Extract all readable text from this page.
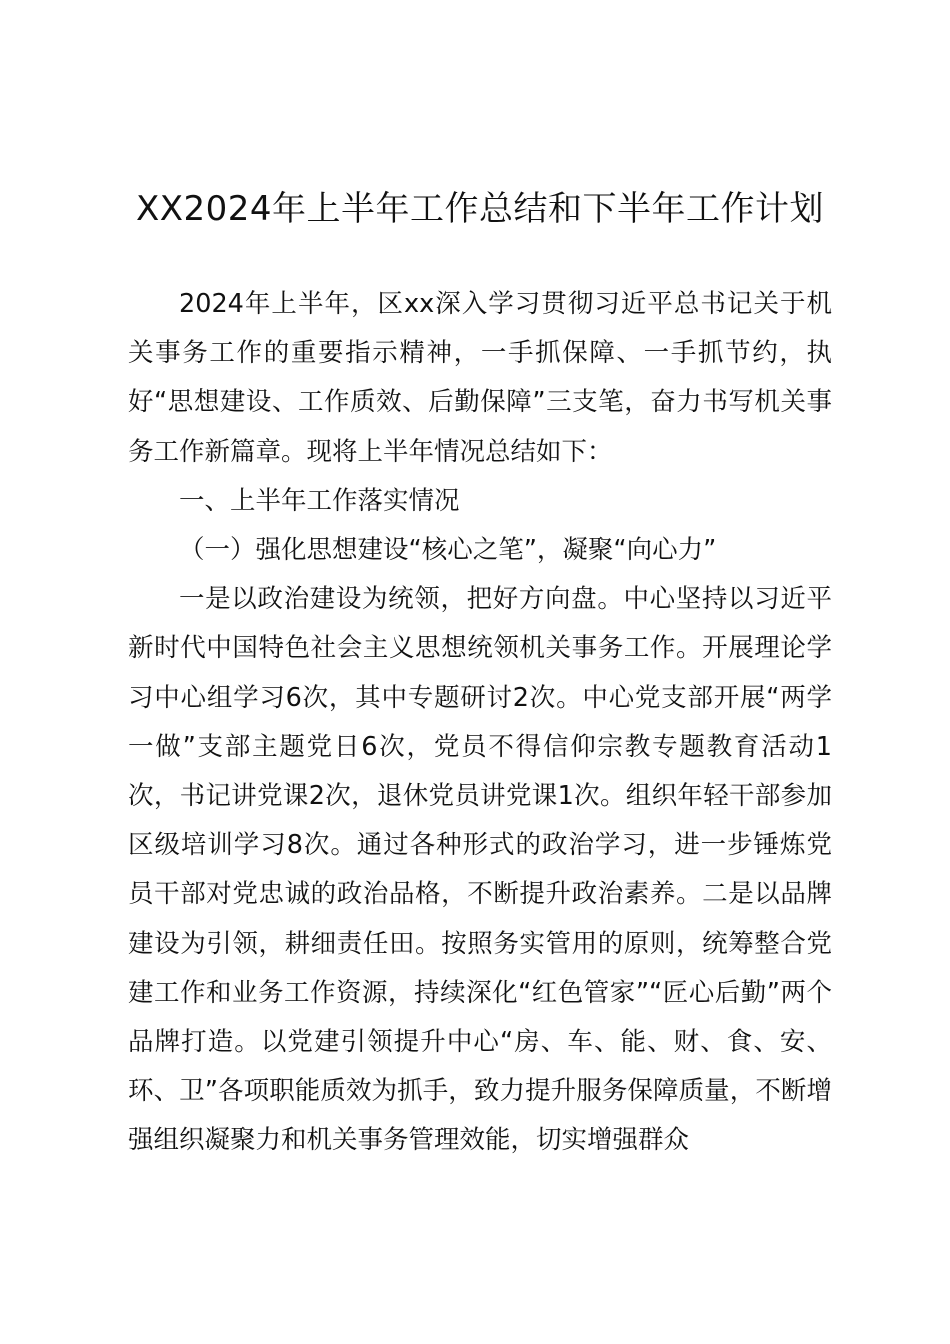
XX2024年上半年工作总结和下半年工作计划

2024年上半年，区xx深入学习贯彻习近平总书记关于机关事务工作的重要指示精神，一手抓保障、一手抓节约，执好“思想建设、工作质效、后勤保障”三支笔，奋力书写机关事务工作新篇章。现将上半年情况总结如下：

一、上半年工作落实情况

（一）强化思想建设“核心之笔”，凝聚“向心力”

一是以政治建设为统领，把好方向盘。中心坚持以习近平新时代中国特色社会主义思想统领机关事务工作。开展理论学习中心组学习6次，其中专题研讨2次。中心党支部开展“两学一做”支部主题党日6次，党员不得信仰宗教专题教育活动1次，书记讲党课2次，退休党员讲党课1次。组织年轻干部参加区级培训学习8次。通过各种形式的政治学习，进一步锤炼党员干部对党忠诚的政治品格，不断提升政治素养。二是以品牌建设为引领，耕细责任田。按照务实管用的原则，统筹整合党建工作和业务工作资源，持续深化“红色管家”“匠心后勤”两个品牌打造。以党建引领提升中心“房、车、能、财、食、安、环、卫”各项职能质效为抓手，致力提升服务保障质量，不断增强组织凝聚力和机关事务管理效能，切实增强群众
